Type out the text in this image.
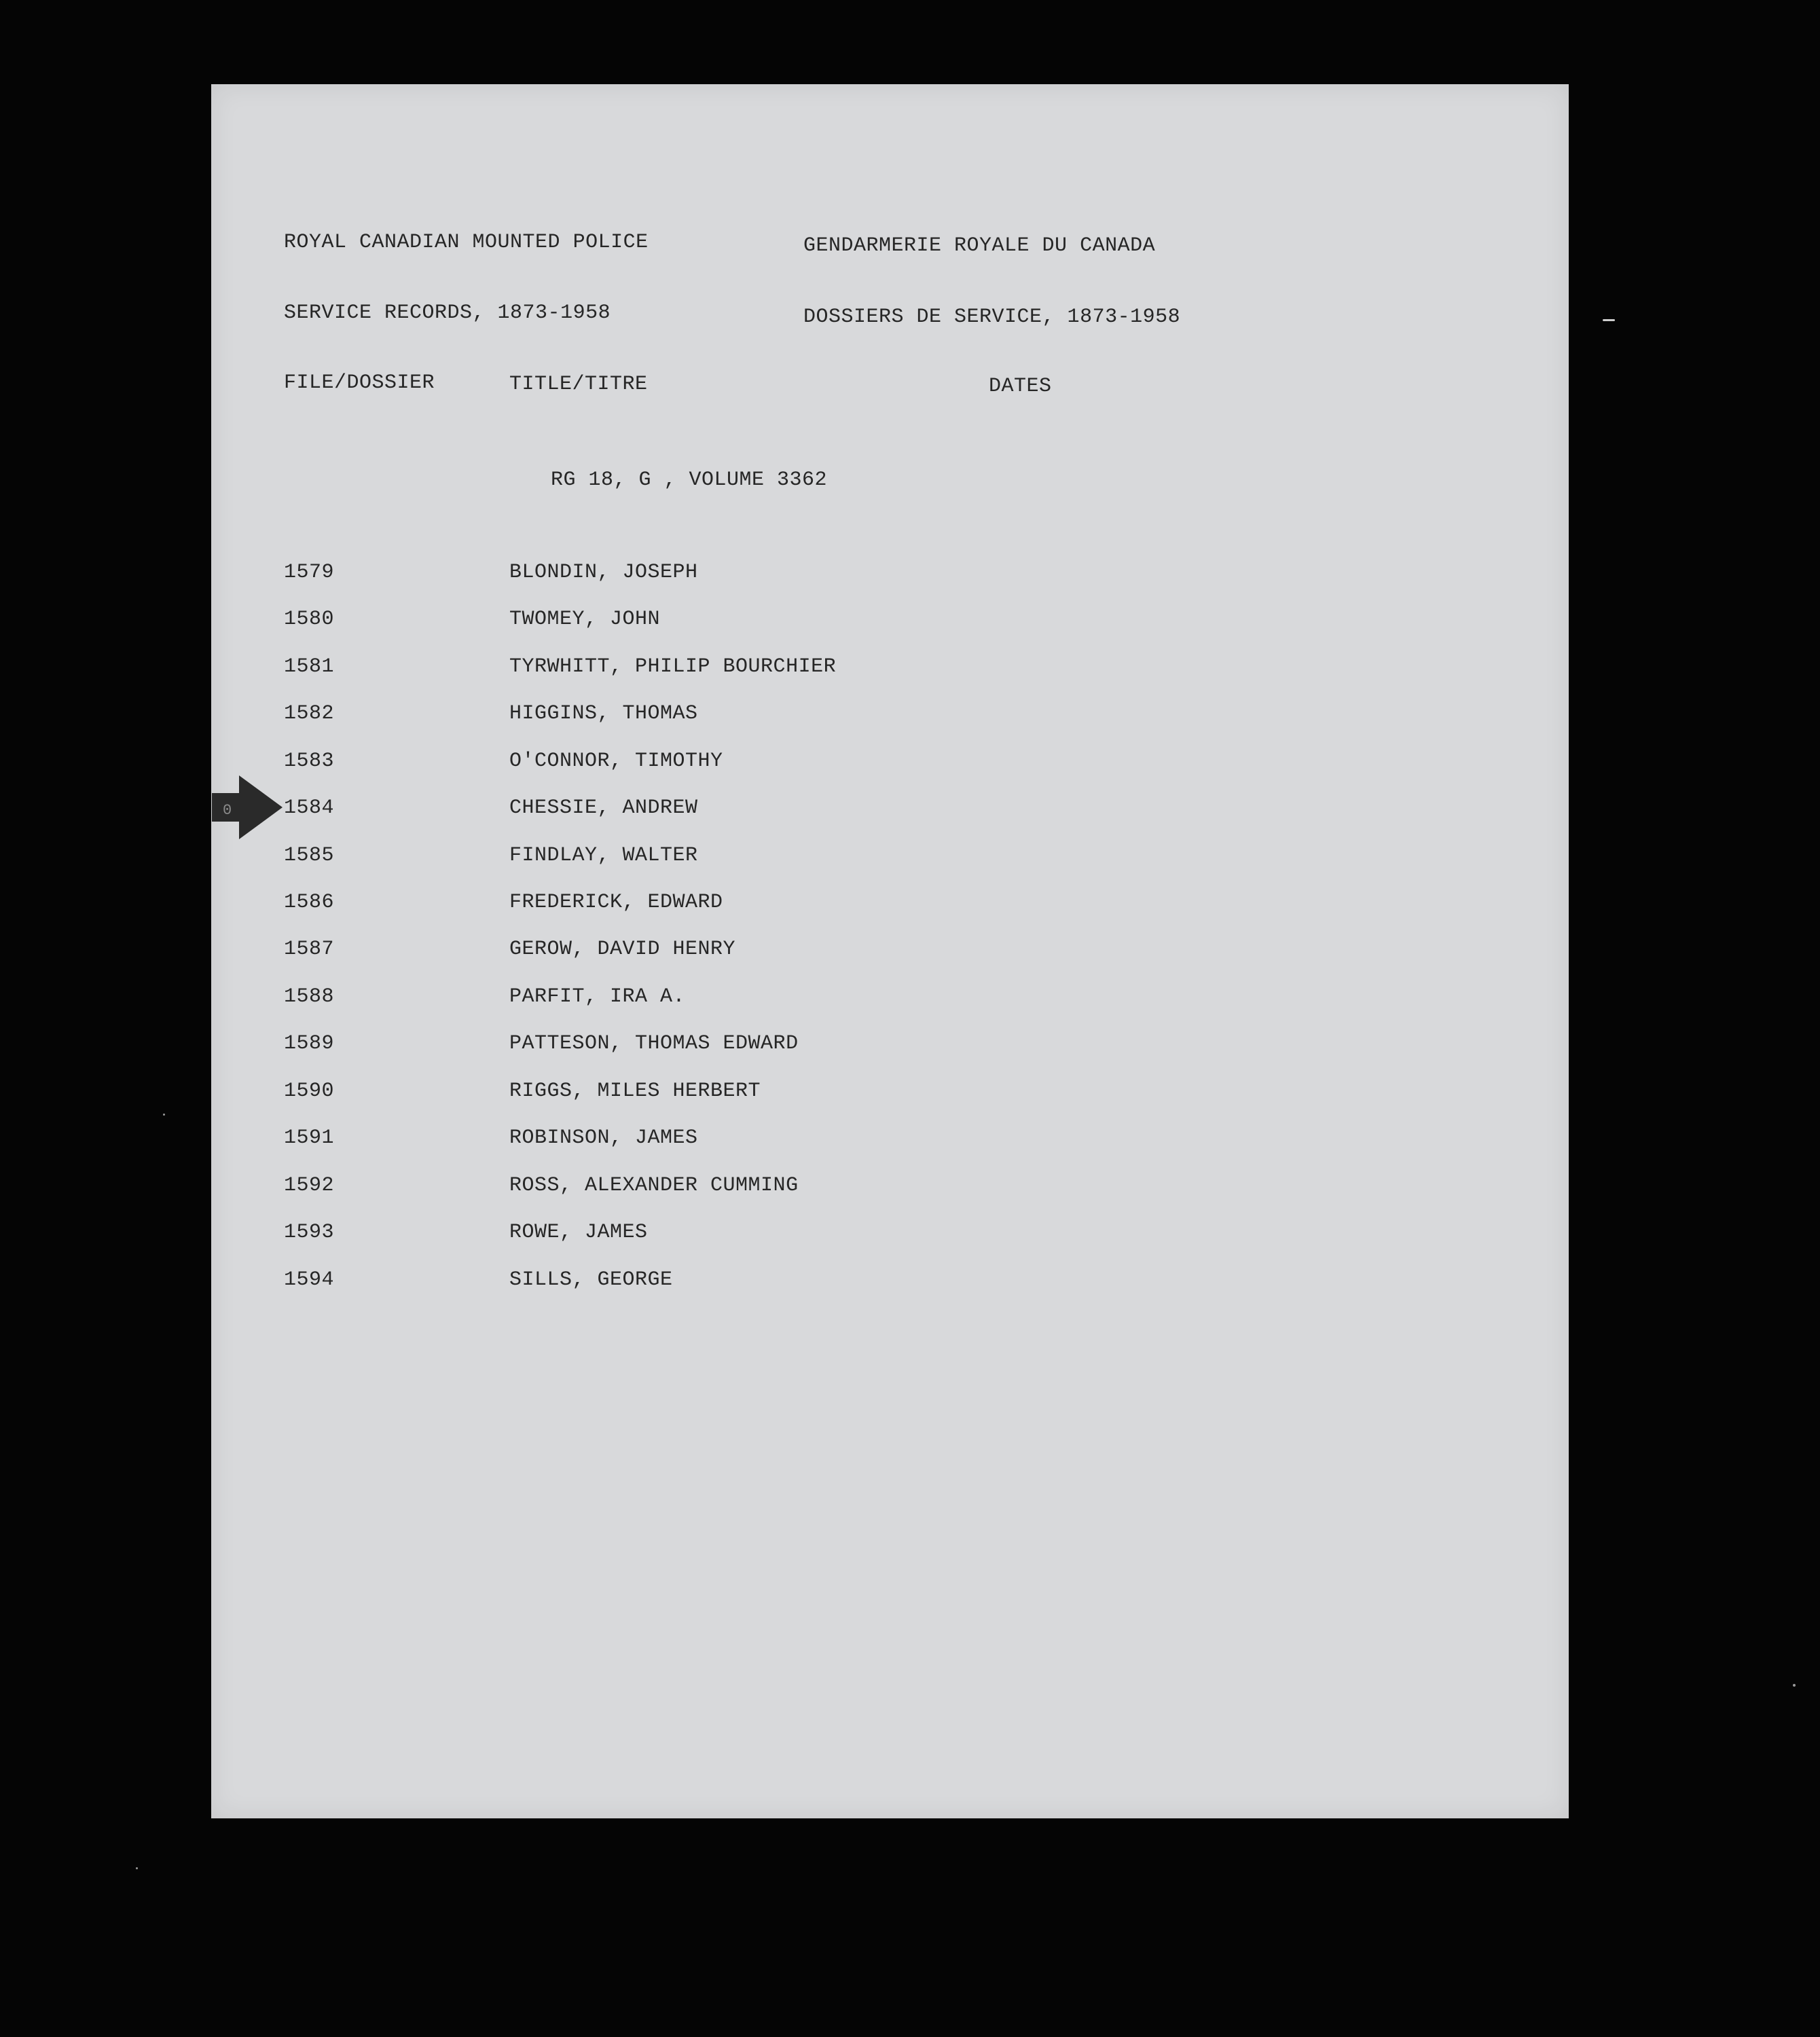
ROYAL CANADIAN MOUNTED POLICE	GENDARMERIE ROYALE DU CANADA
SERVICE RECORDS, 1873-1958	DOSSIERS DE SERVICE, 1873-1958
FILE/DOSSIER	TITLE/TITRE	DATES
RG 18, G , VOLUME 3362
1579	BLONDIN, JOSEPH
1580	TWOMEY, JOHN
1581	TYRWHITT, PHILIP BOURCHIER
1582	HIGGINS, THOMAS
1583	O'CONNOR, TIMOTHY
1584	CHESSIE, ANDREW
1585	FINDLAY, WALTER
1586	FREDERICK, EDWARD
1587	GEROW, DAVID HENRY
1588	PARFIT, IRA A.
1589	PATTESON, THOMAS EDWARD
1590	RIGGS, MILES HERBERT
1591	ROBINSON, JAMES
1592	ROSS, ALEXANDER CUMMING
1593	ROWE, JAMES
1594	SILLS, GEORGE
0
